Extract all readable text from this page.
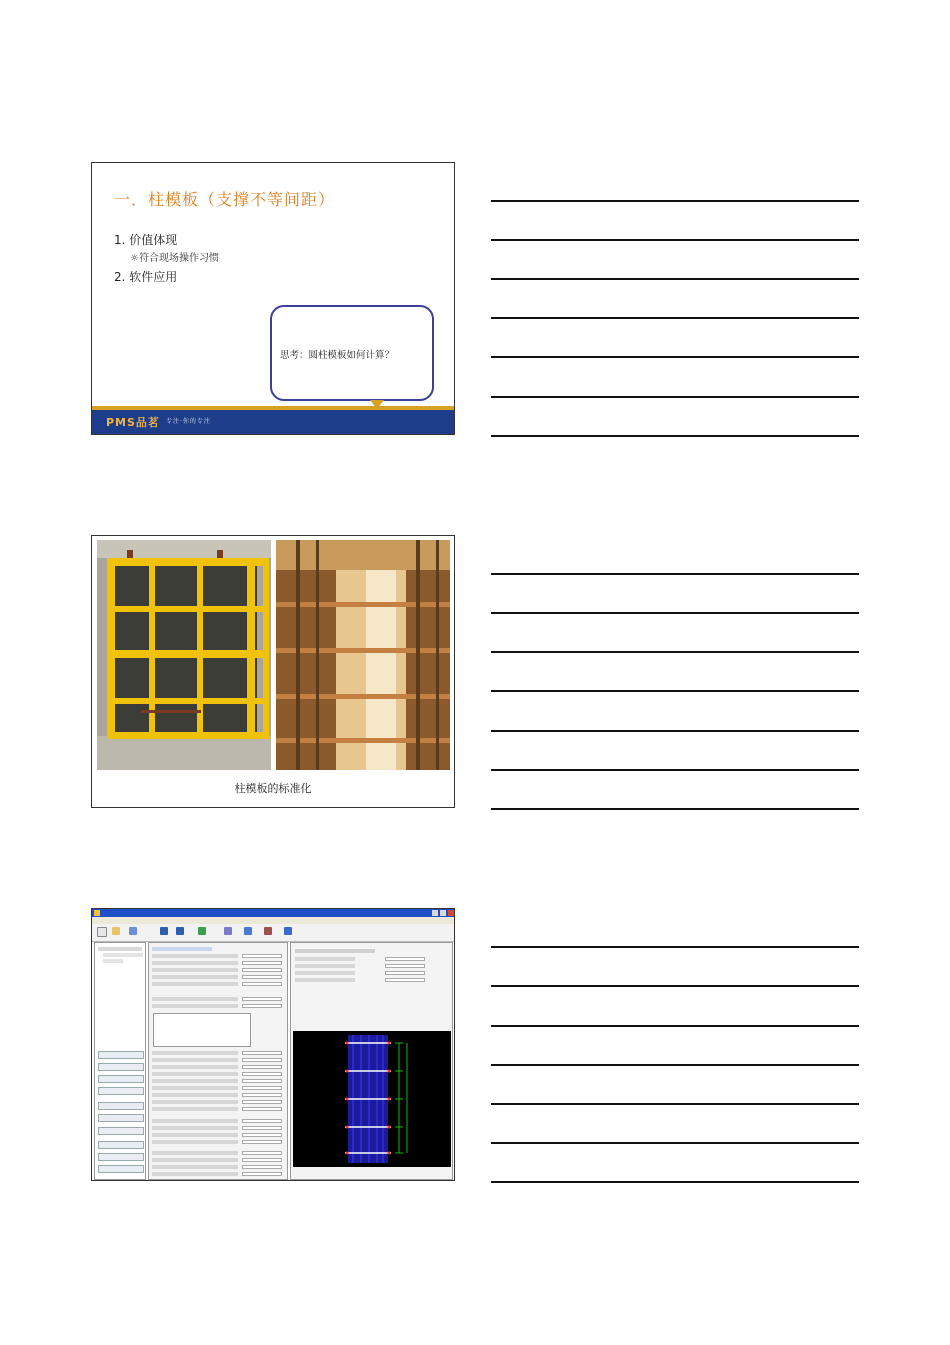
一．柱模板（支撑不等间距）
1. 价值体现
☼符合现场操作习惯
2. 软件应用
思考：圆柱模板如何计算？
PMS品茗 专注·你的专注
柱模板的标准化
